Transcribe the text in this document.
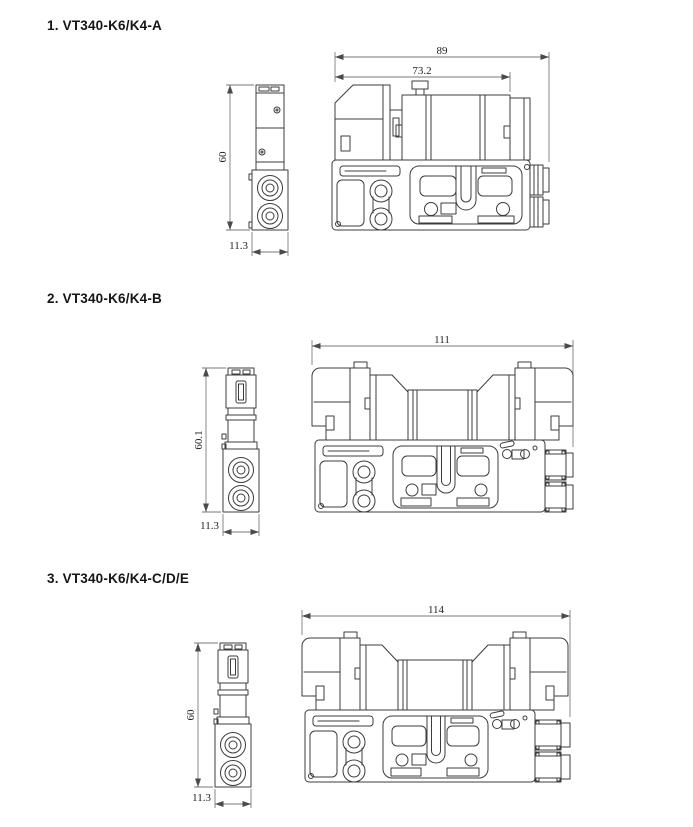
1. VT340-K6/K4-A
60
11.3
89
73.2
2. VT340-K6/K4-B
60.1
11.3
111
3. VT340-K6/K4-C/D/E
60
11.3
114
